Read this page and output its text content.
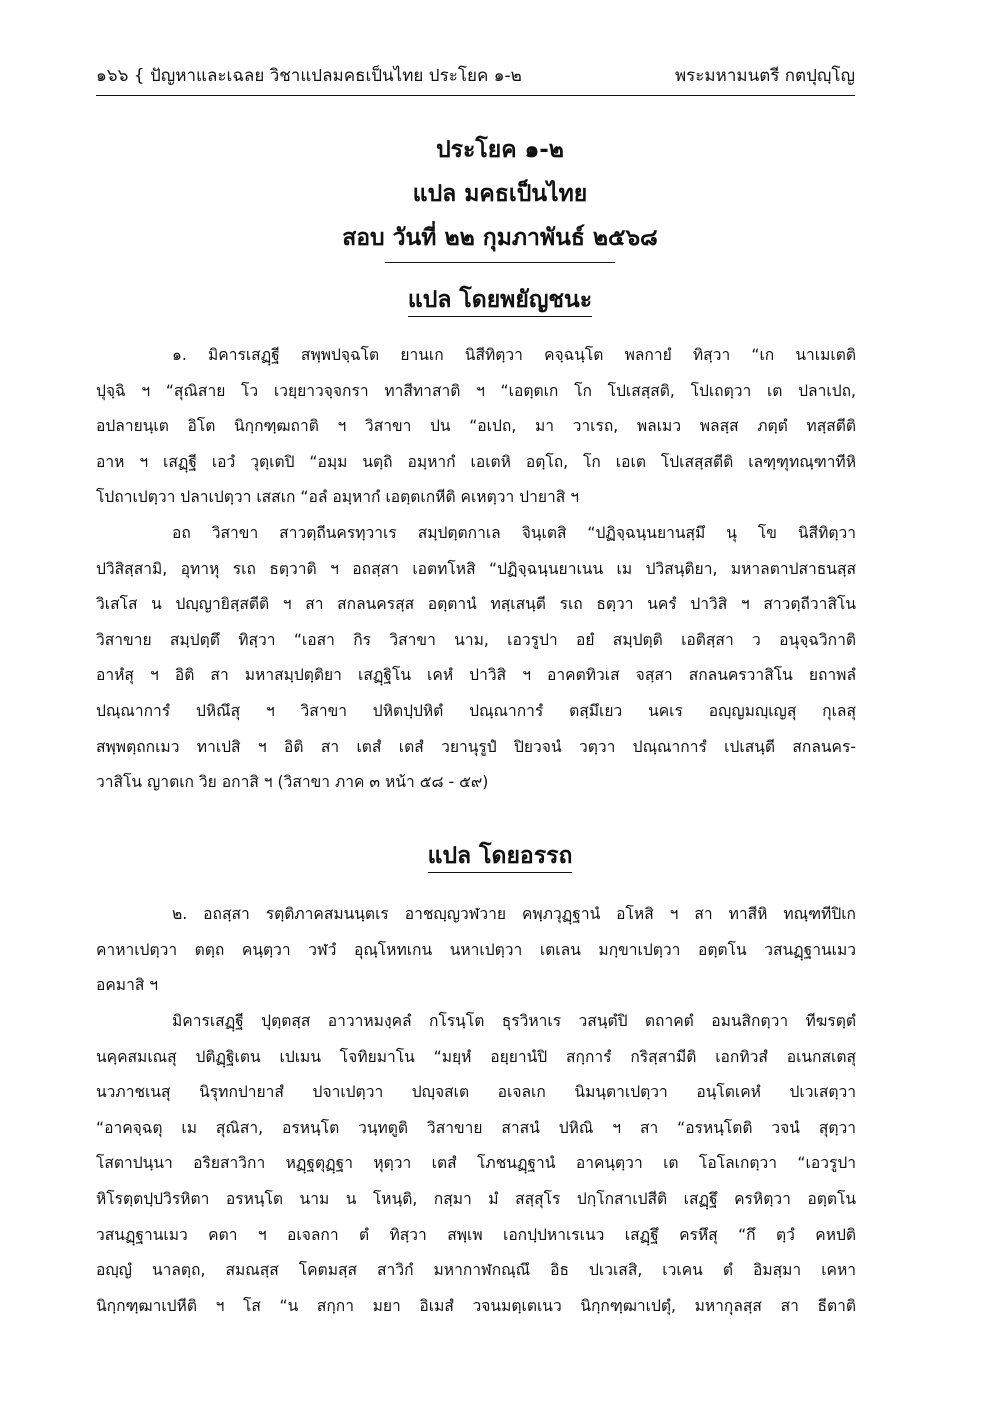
๑๖๖ { ปัญหาและเฉลย วิชาแปลมคธเป็นไทย ประโยค ๑-๒	พระมหามนตรี กตปุญฺโญ
ประโยค ๑-๒
แปล มคธเป็นไทย
สอบ วันที่ ๒๒ กุมภาพันธ์ ๒๕๖๘
แปล โดยพยัญชนะ
๑. มิคารเสฏฺฐี สพฺพปจฺฉโต ยานเก นิสีทิตฺวา คจฺฉนฺโต พลกายํ ทิสฺวา “เก นาเมเตติ
ปุจฺฉิ ฯ “สุณิสาย โว เวยฺยาวจฺจกรา ทาสีทาสาติ ฯ “เอตฺตเก โก โปเสสฺสติ, โปเถตฺวา เต ปลาเปถ,
อปลายนฺเต อิโต นิกฺกฑฺฒถาติ ฯ วิสาขา ปน “อเปถ, มา วาเรถ, พลเมว พลสฺส ภตฺตํ ทสฺสตีติ
อาห ฯ เสฏฺฐี เอวํ วุตฺเตปิ “อมฺม นตฺถิ อมฺหากํ เอเตหิ อตฺโถ, โก เอเต โปเสสฺสตีติ เลฑฺฑุทณฺฑาทีหิ
โปถาเปตฺวา ปลาเปตฺวา เสสเก “อลํ อมฺหากํ เอตฺตเกหีติ คเหตฺวา ปายาสิ ฯ
อถ วิสาขา สาวตฺถีนครทฺวาเร สมฺปตฺตกาเล จินฺเตสิ “ปฏิจฺฉนฺนยานสฺมึ นุ โข นิสีทิตฺวา
ปวิสิสฺสามิ, อุทาหุ รเถ ธตฺวาติ ฯ อถสฺสา เอตทโหสิ “ปฏิจฺฉนฺนยาเนน เม ปวิสนฺติยา, มหาลตาปสาธนสฺส
วิเสโส น ปญฺญายิสฺสตีติ ฯ สา สกลนครสฺส อตฺตานํ ทสฺเสนฺตี รเถ ธตฺวา นครํ ปาวิสิ ฯ สาวตฺถีวาสิโน
วิสาขาย สมฺปตฺตึ ทิสฺวา “เอสา กิร วิสาขา นาม, เอวรูปา อยํ สมฺปตฺติ เอติสฺสา ว อนุจฺฉวิกาติ
อาหํสุ ฯ อิติ สา มหาสมฺปตฺติยา เสฏฺฐิโน เคหํ ปาวิสิ ฯ อาคตทิวเส จสฺสา สกลนครวาสิโน ยถาพลํ
ปณฺณาการํ ปหิณึสุ ฯ วิสาขา ปหิตปฺปหิตํ ปณฺณาการํ ตสฺมึเยว นคเร อญฺญมญฺเญสุ กุเลสุ
สพฺพตฺถกเมว ทาเปสิ ฯ อิติ สา เตสํ เตสํ วยานุรูปํ ปิยวจนํ วตฺวา ปณฺณาการํ เปเสนฺตี สกลนคร-
วาสิโน ญาตเก วิย อกาสิ ฯ (วิสาขา ภาค ๓ หน้า ๕๘ - ๕๙)
แปล โดยอรรถ
๒. อถสฺสา รตฺติภาคสมนนฺตเร อาชญฺญวฬวาย คพฺภวุฏฺฐานํ อโหสิ ฯ สา ทาสีหิ ทณฺฑทีปิเก
คาหาเปตฺวา ตตฺถ คนฺตฺวา วฬวํ อุณฺโหทเกน นหาเปตฺวา เตเลน มกฺขาเปตฺวา อตฺตโน วสนฏฺฐานเมว
อคมาสิ ฯ
มิคารเสฏฺฐี ปุตฺตสฺส อาวาหมงฺคลํ กโรนฺโต ธุรวิหาเร วสนฺตํปิ ตถาคตํ อมนสิกตฺวา ทีฆรตฺตํ
นคฺคสมเณสุ ปติฏฺฐิเตน เปเมน โจทิยมาโน “มยฺหํ อยฺยานํปิ สกฺการํ กริสฺสามีติ เอกทิวสํ อเนกสเตสุ
นวภาชเนสุ นิรุทกปายาสํ ปจาเปตฺวา ปญฺจสเต อเจลเก นิมนฺตาเปตฺวา อนฺโตเคหํ ปเวเสตฺวา
“อาคจฺฉตุ เม สุณิสา, อรหนฺโต วนฺทตูติ วิสาขาย สาสนํ ปหิณิ ฯ สา “อรหนฺโตติ วจนํ สุตฺวา
โสตาปนฺนา อริยสาวิกา หฏฺฐตุฏฺฐา หุตฺวา เตสํ โภชนฏฺฐานํ อาคนฺตฺวา เต โอโลเกตฺวา “เอวรูปา
หิโรตฺตปฺปวิรหิตา อรหนฺโต นาม น โหนฺติ, กสฺมา มํ สสฺสุโร ปกฺโกสาเปสีติ เสฏฺฐึ ครหิตฺวา อตฺตโน
วสนฏฺฐานเมว คตา ฯ อเจลกา ตํ ทิสฺวา สพฺเพ เอกปฺปหาเรเนว เสฏฺฐึ ครหึสุ “กึ ตฺวํ คหปติ
อญฺญํ นาลตฺถ, สมณสฺส โคตมสฺส สาวิกํ มหากาฬกณฺณึ อิธ ปเวเสสิ, เวเคน ตํ อิมสฺมา เคหา
นิกฺกฑฺฒาเปหีติ ฯ โส “น สกฺกา มยา อิเมสํ วจนมตฺเตเนว นิกฺกฑฺฒาเปตุํ, มหากุลสฺส สา ธีตาติ
